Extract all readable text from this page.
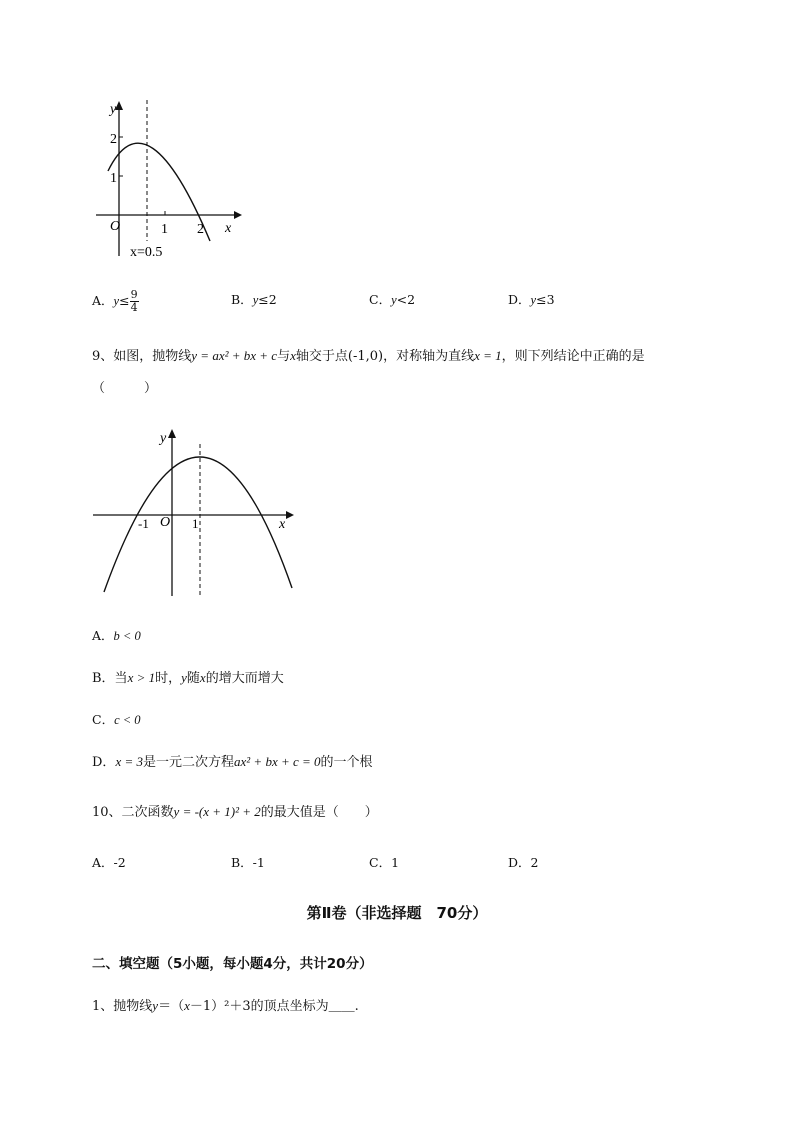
y
x
O
2
1
1 2
x=0.5
A．$y\le \frac{9}{4}$	B．y≤2	C．y<2	D．y≤3
9、如图，抛物线y = ax² + bx + c与x轴交于点(-1,0)，对称轴为直线x = 1，则下列结论中正确的是
（　　　）
y
x
O
-1	1
A．b < 0
B．当x > 1时，y随x的增大而增大
C．c < 0
D．x = 3是一元二次方程ax² + bx + c = 0的一个根
10、二次函数y = -(x + 1)² + 2的最大值是（　　）
A．-2	B．-1	C．1	D．2
第Ⅱ卷（非选择题　70分）
二、填空题（5小题，每小题4分，共计20分）
1、抛物线y＝（x－1）²＋3的顶点坐标为＿＿.
